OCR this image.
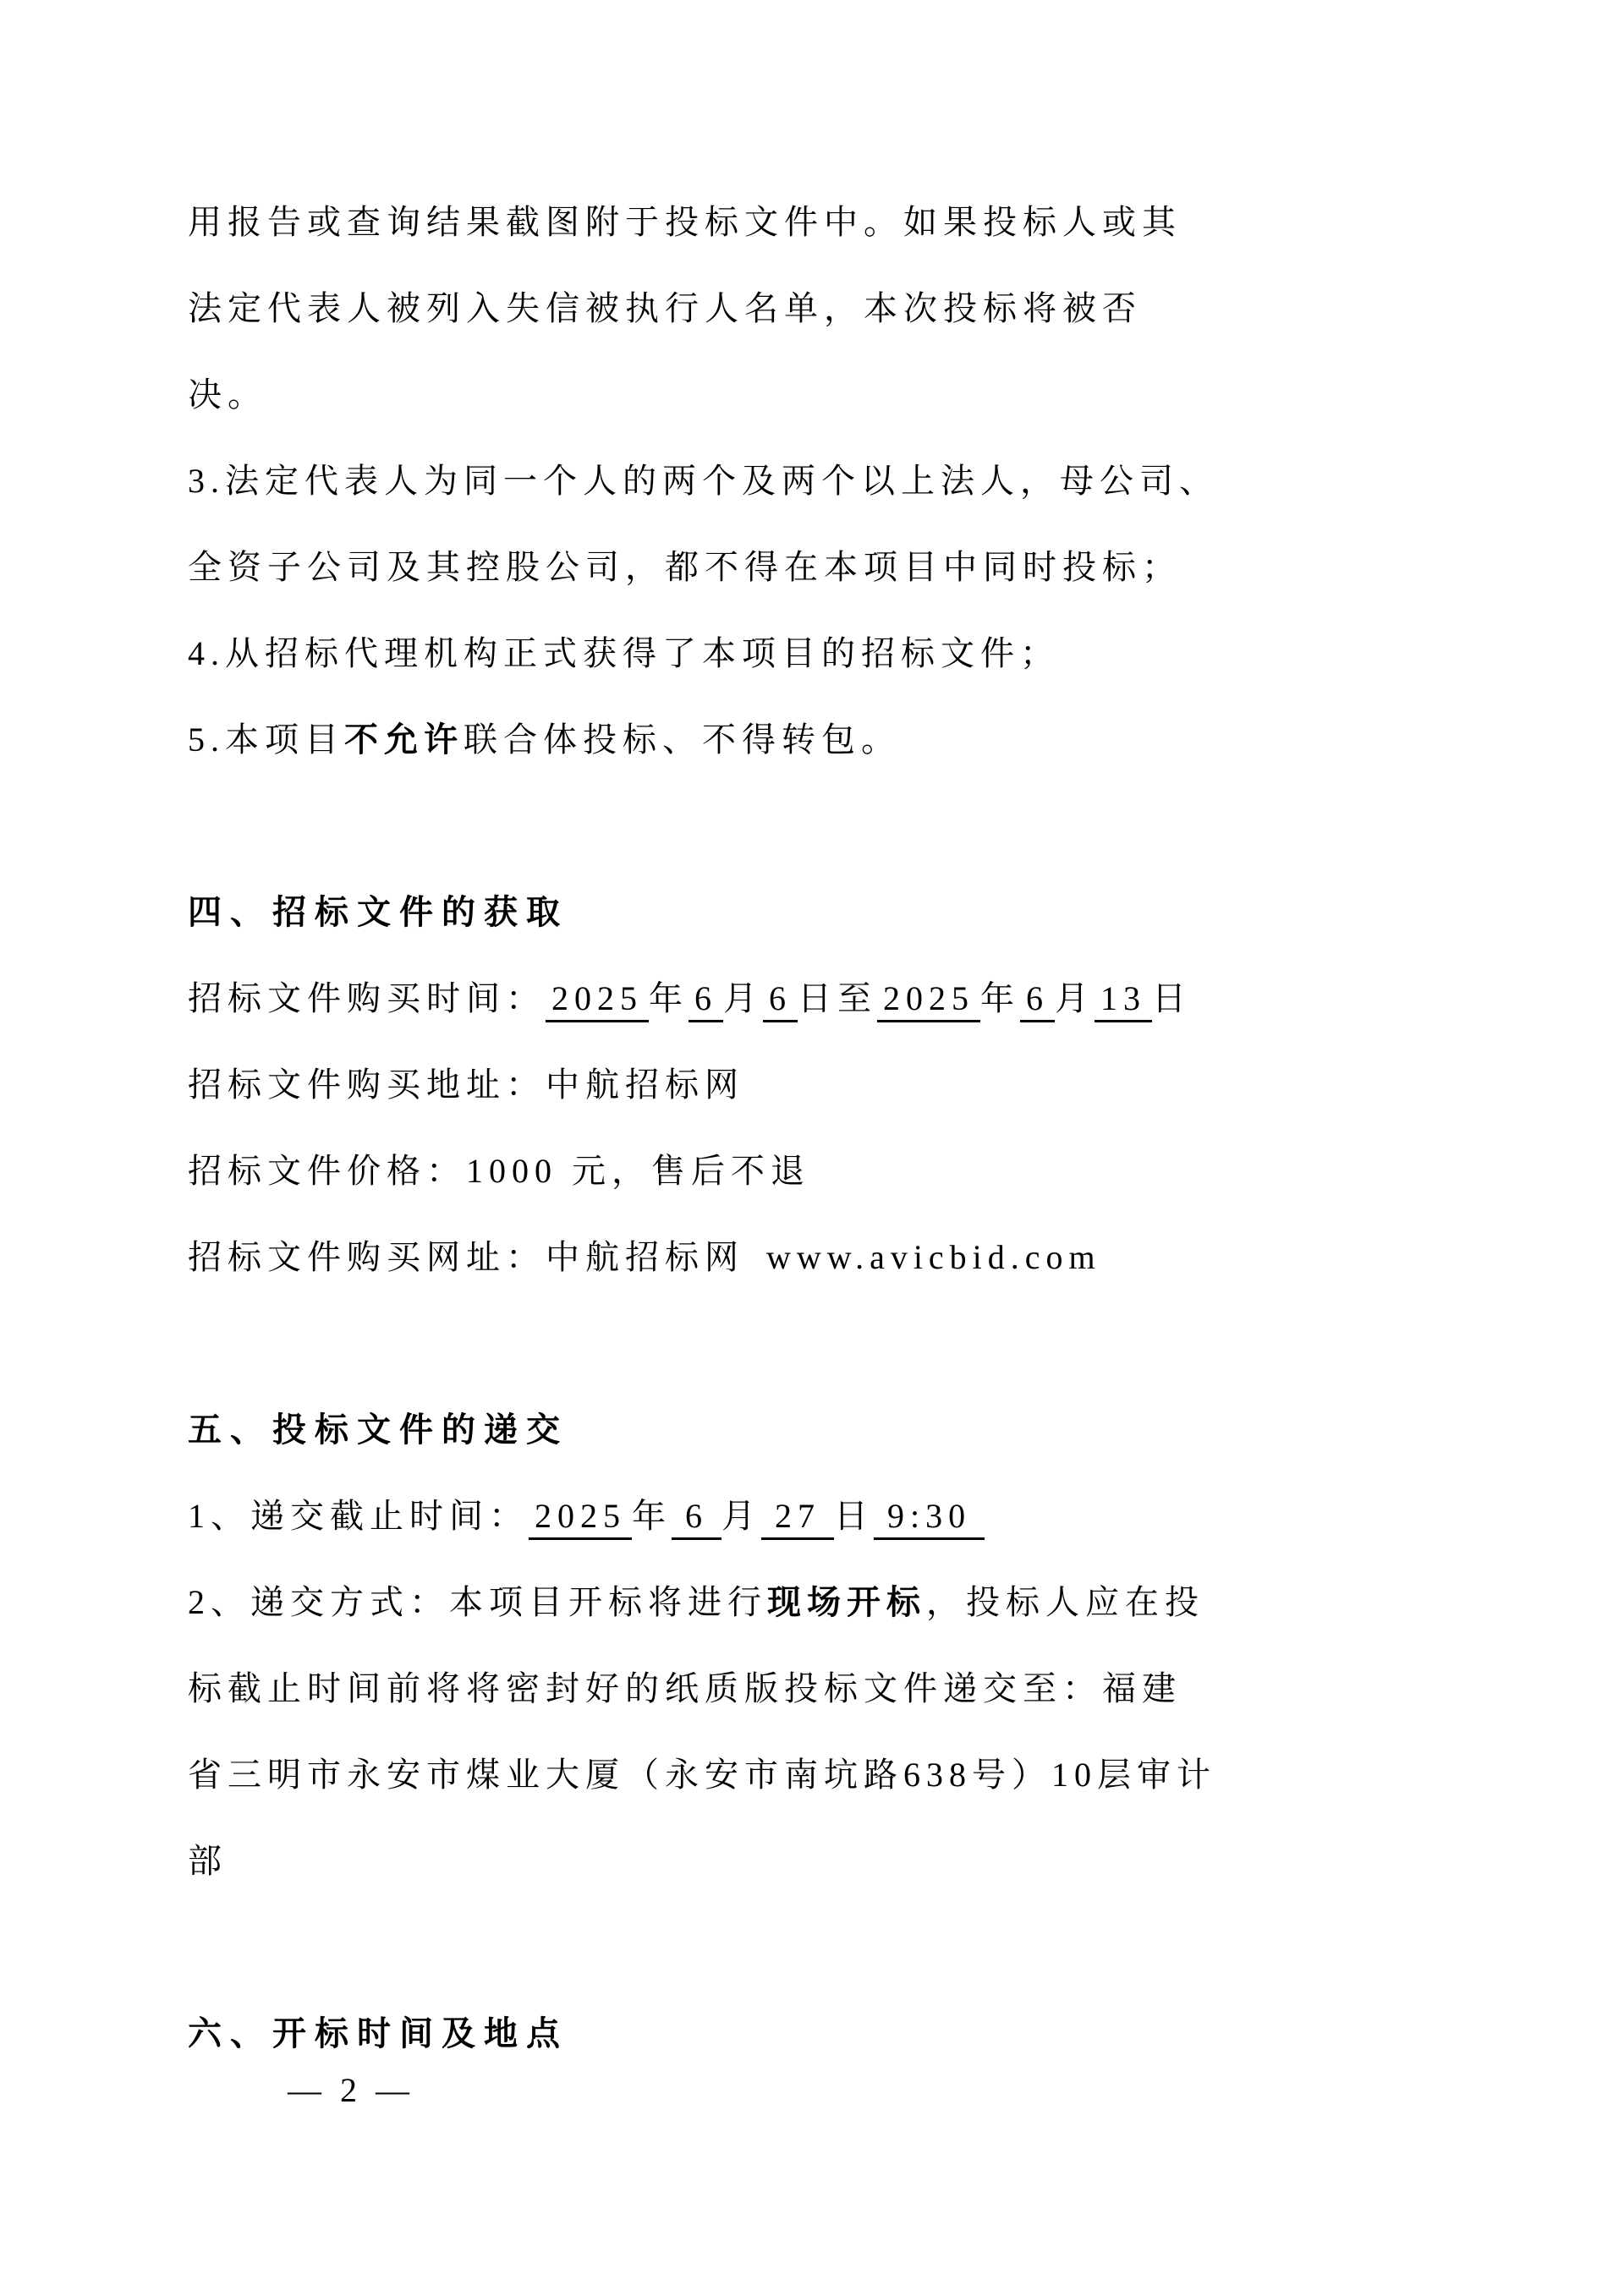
用报告或查询结果截图附于投标文件中。如果投标人或其
法定代表人被列入失信被执行人名单，本次投标将被否
决。
3.法定代表人为同一个人的两个及两个以上法人，母公司、
全资子公司及其控股公司，都不得在本项目中同时投标；
4.从招标代理机构正式获得了本项目的招标文件；
5.本项目不允许联合体投标、不得转包。
四、招标文件的获取
招标文件购买时间： 2025 年 6 月 6 日至 2025 年 6 月 13 日
招标文件购买地址：中航招标网
招标文件价格：1000 元，售后不退
招标文件购买网址：中航招标网 www.avicbid.com
五、投标文件的递交
1、递交截止时间： 2025 年 6 月 27 日 9:30
2、递交方式：本项目开标将进行现场开标，投标人应在投
标截止时间前将将密封好的纸质版投标文件递交至：福建
省三明市永安市煤业大厦（永安市南坑路638号）10层审计
部
六、开标时间及地点
— 2 —
